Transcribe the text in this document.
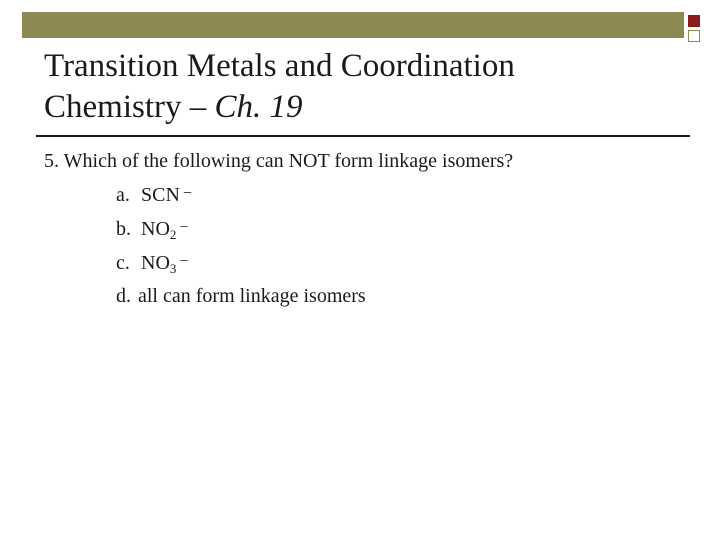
Transition Metals and Coordination
Chemistry – Ch. 19
5. Which of the following can NOT form linkage isomers?
a. SCN −
b. $NO_2$ −
c. $NO_3$ −
d. all can form linkage isomers
